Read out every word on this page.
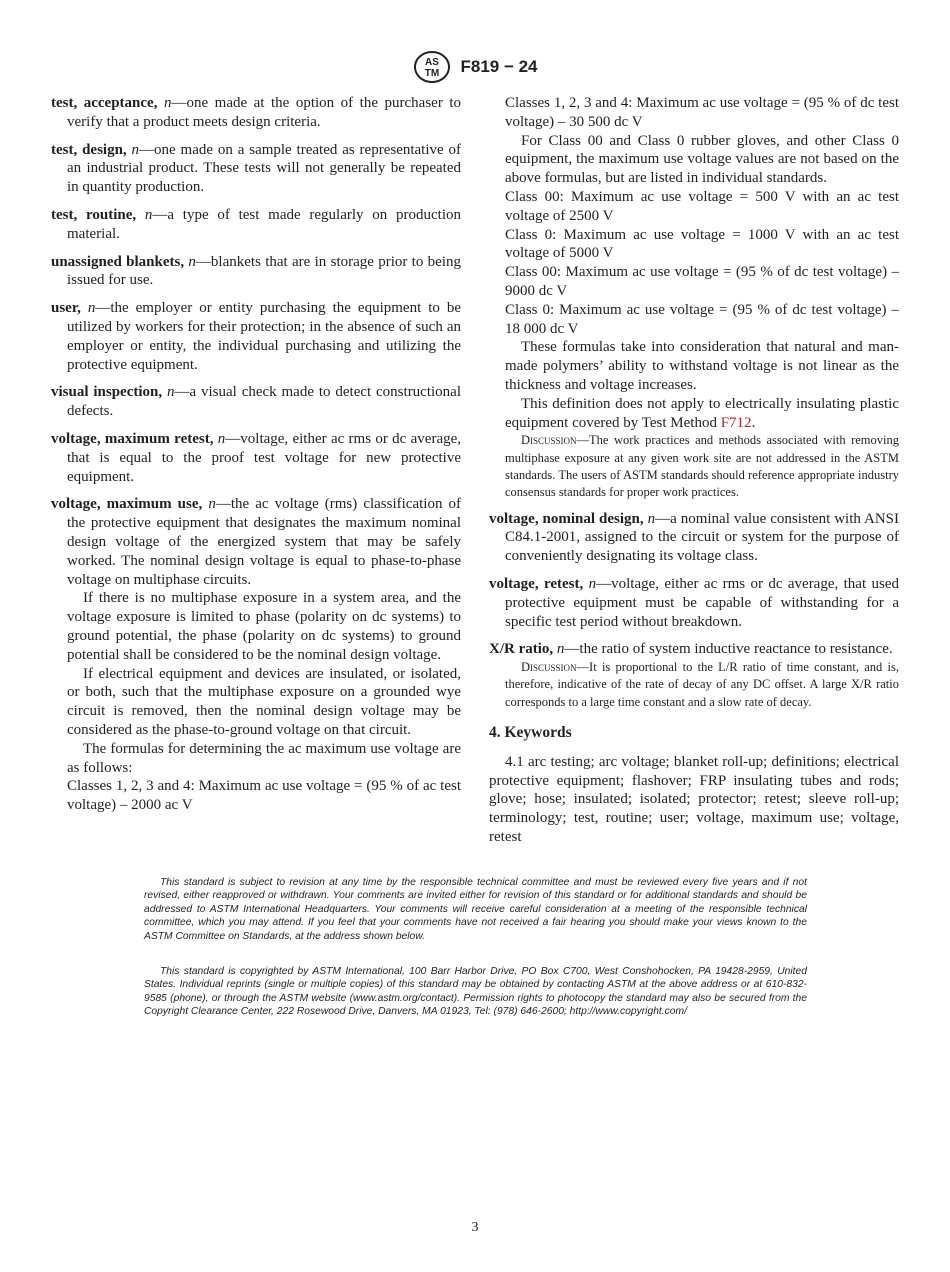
AS
TM F819 − 24

test, acceptance, n—one made at the option of the purchaser to verify that a product meets design criteria.

test, design, n—one made on a sample treated as representative of an industrial product. These tests will not generally be repeated in quantity production.

test, routine, n—a type of test made regularly on production material.

unassigned blankets, n—blankets that are in storage prior to being issued for use.

user, n—the employer or entity purchasing the equipment to be utilized by workers for their protection; in the absence of such an employer or entity, the individual purchasing and utilizing the protective equipment.

visual inspection, n—a visual check made to detect constructional defects.

voltage, maximum retest, n—voltage, either ac rms or dc average, that is equal to the proof test voltage for new protective equipment.

voltage, maximum use, n—the ac voltage (rms) classification of the protective equipment that designates the maximum nominal design voltage of the energized system that may be safely worked. The nominal design voltage is equal to phase-to-phase voltage on multiphase circuits.

If there is no multiphase exposure in a system area, and the voltage exposure is limited to phase (polarity on dc systems) to ground potential, the phase (polarity on dc systems) to ground potential shall be considered to be the nominal design voltage.

If electrical equipment and devices are insulated, or isolated, or both, such that the multiphase exposure on a grounded wye circuit is removed, then the nominal design voltage may be considered as the phase-to-ground voltage on that circuit.

The formulas for determining the ac maximum use voltage are as follows:

Classes 1, 2, 3 and 4: Maximum ac use voltage = (95 % of ac test voltage) – 2000 ac V

Classes 1, 2, 3 and 4: Maximum ac use voltage = (95 % of dc test voltage) – 30 500 dc V

For Class 00 and Class 0 rubber gloves, and other Class 0 equipment, the maximum use voltage values are not based on the above formulas, but are listed in individual standards.

Class 00: Maximum ac use voltage = 500 V with an ac test voltage of 2500 V

Class 0: Maximum ac use voltage = 1000 V with an ac test voltage of 5000 V

Class 00: Maximum ac use voltage = (95 % of dc test voltage) – 9000 dc V

Class 0: Maximum ac use voltage = (95 % of dc test voltage) – 18 000 dc V

These formulas take into consideration that natural and man-made polymers’ ability to withstand voltage is not linear as the thickness and voltage increases.

This definition does not apply to electrically insulating plastic equipment covered by Test Method F712.

Discussion—The work practices and methods associated with removing multiphase exposure at any given work site are not addressed in the ASTM standards. The users of ASTM standards should reference appropriate industry consensus standards for proper work practices.

voltage, nominal design, n—a nominal value consistent with ANSI C84.1-2001, assigned to the circuit or system for the purpose of conveniently designating its voltage class.

voltage, retest, n—voltage, either ac rms or dc average, that used protective equipment must be capable of withstanding for a specific test period without breakdown.

X/R ratio, n—the ratio of system inductive reactance to resistance.

Discussion—It is proportional to the L/R ratio of time constant, and is, therefore, indicative of the rate of decay of any DC offset. A large X/R ratio corresponds to a large time constant and a slow rate of decay.

4. Keywords

4.1 arc testing; arc voltage; blanket roll-up; definitions; electrical protective equipment; flashover; FRP insulating tubes and rods; glove; hose; insulated; isolated; protector; retest; sleeve roll-up; terminology; test, routine; user; voltage, maximum use; voltage, retest

This standard is subject to revision at any time by the responsible technical committee and must be reviewed every five years and if not revised, either reapproved or withdrawn. Your comments are invited either for revision of this standard or for additional standards and should be addressed to ASTM International Headquarters. Your comments will receive careful consideration at a meeting of the responsible technical committee, which you may attend. If you feel that your comments have not received a fair hearing you should make your views known to the ASTM Committee on Standards, at the address shown below.

This standard is copyrighted by ASTM International, 100 Barr Harbor Drive, PO Box C700, West Conshohocken, PA 19428-2959, United States. Individual reprints (single or multiple copies) of this standard may be obtained by contacting ASTM at the above address or at 610-832-9585 (phone), or through the ASTM website (www.astm.org/contact). Permission rights to photocopy the standard may also be secured from the Copyright Clearance Center, 222 Rosewood Drive, Danvers, MA 01923, Tel: (978) 646-2600; http://www.copyright.com/

3
